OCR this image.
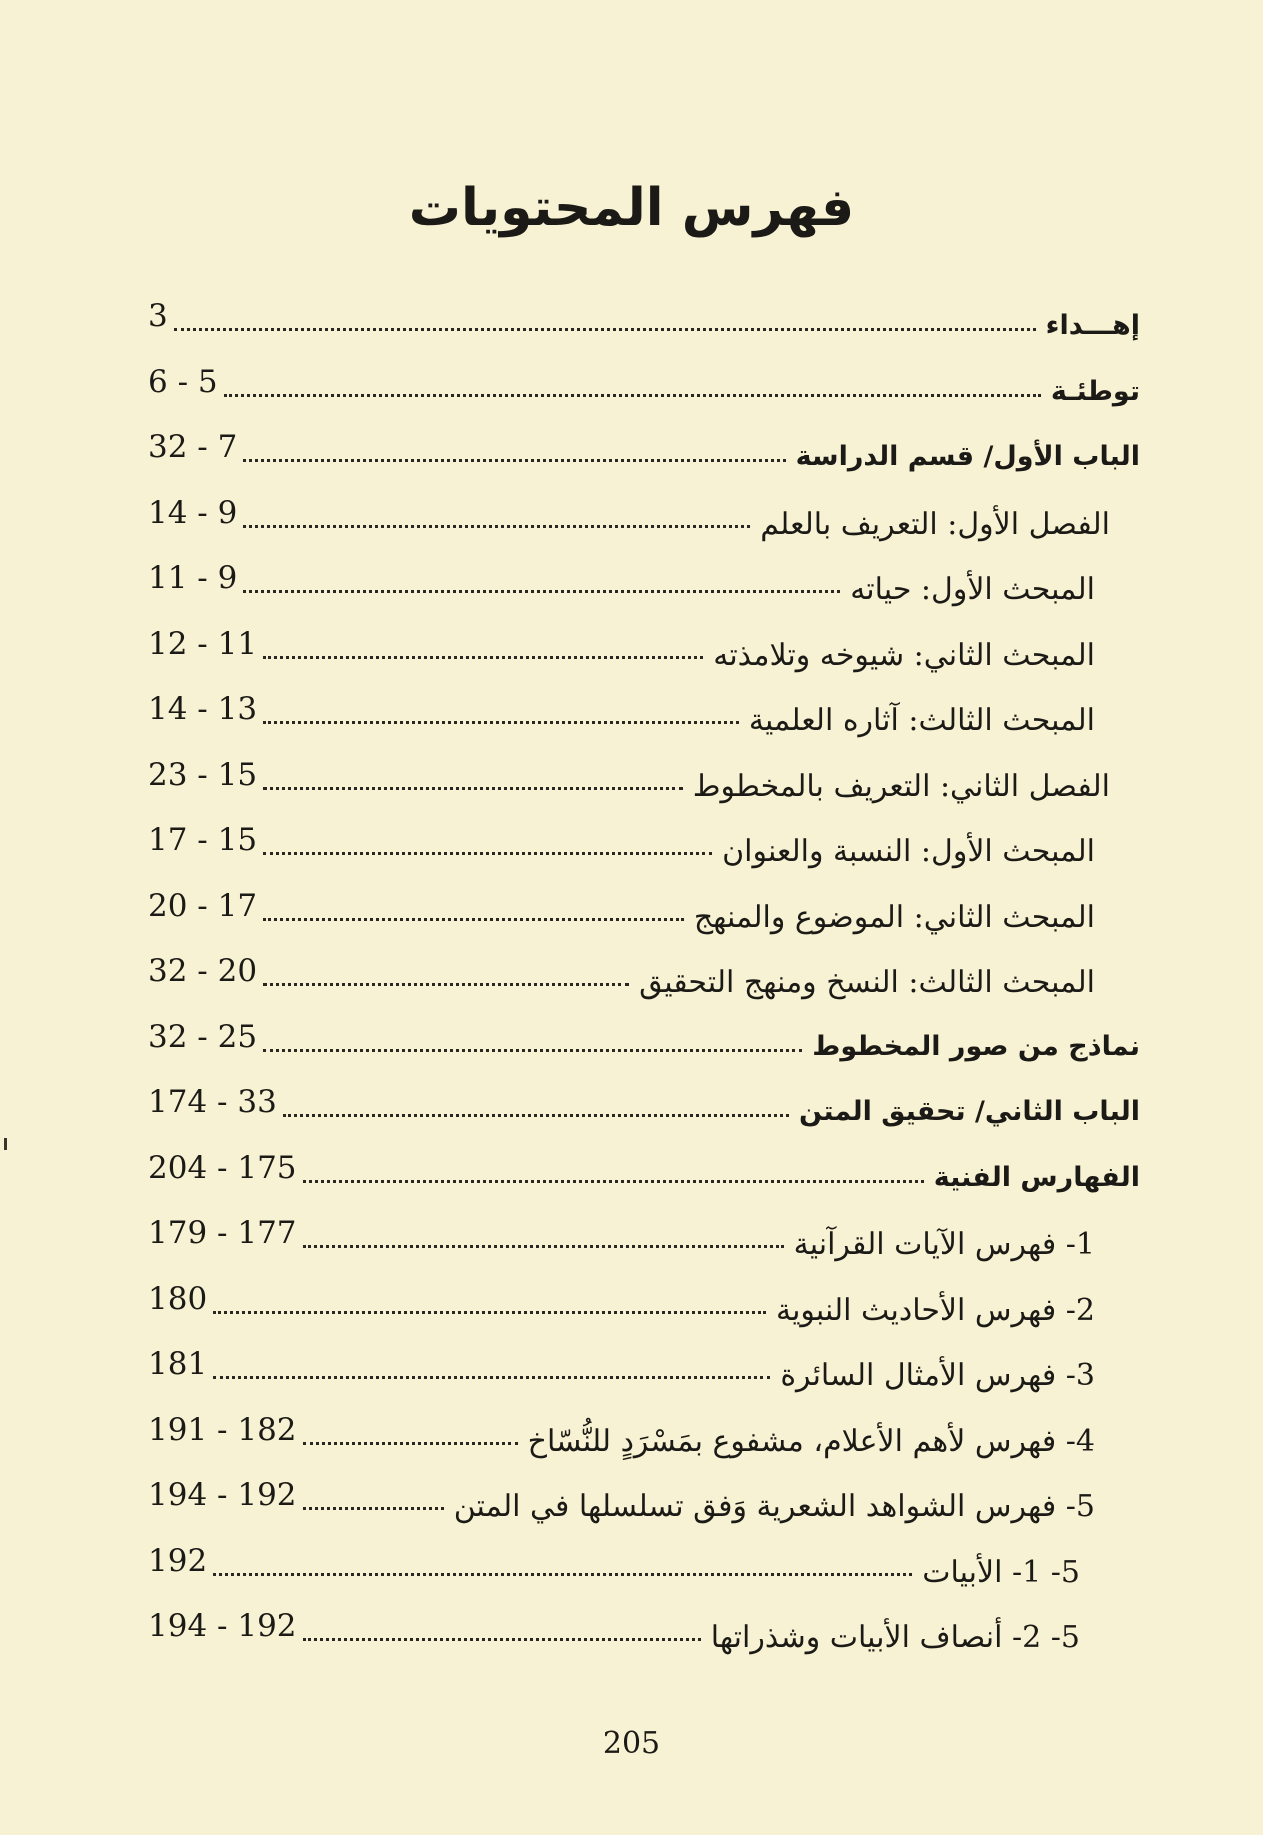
فهرس المحتويات
3	إهـــداء
6 - 5	توطئـة
32 - 7	الباب الأول/ قسم الدراسة
14 - 9	الفصل الأول: التعريف بالعلم
11 - 9	المبحث الأول: حياته
12 - 11	المبحث الثاني: شيوخه وتلامذته
14 - 13	المبحث الثالث: آثاره العلمية
23 - 15	الفصل الثاني: التعريف بالمخطوط
17 - 15	المبحث الأول: النسبة والعنوان
20 - 17	المبحث الثاني: الموضوع والمنهج
32 - 20	المبحث الثالث: النسخ ومنهج التحقيق
32 - 25	نماذج من صور المخطوط
174 - 33	الباب الثاني/ تحقيق المتن
204 - 175	الفهارس الفنية
179 - 177	1- فهرس الآيات القرآنية
180	2- فهرس الأحاديث النبوية
181	3- فهرس الأمثال السائرة
191 - 182	4- فهرس لأهم الأعلام، مشفوع بمَسْرَدٍ للنُّسّاخ
194 - 192	5- فهرس الشواهد الشعرية وَفق تسلسلها في المتن
192	5- 1- الأبيات
194 - 192	5- 2- أنصاف الأبيات وشذراتها
205
